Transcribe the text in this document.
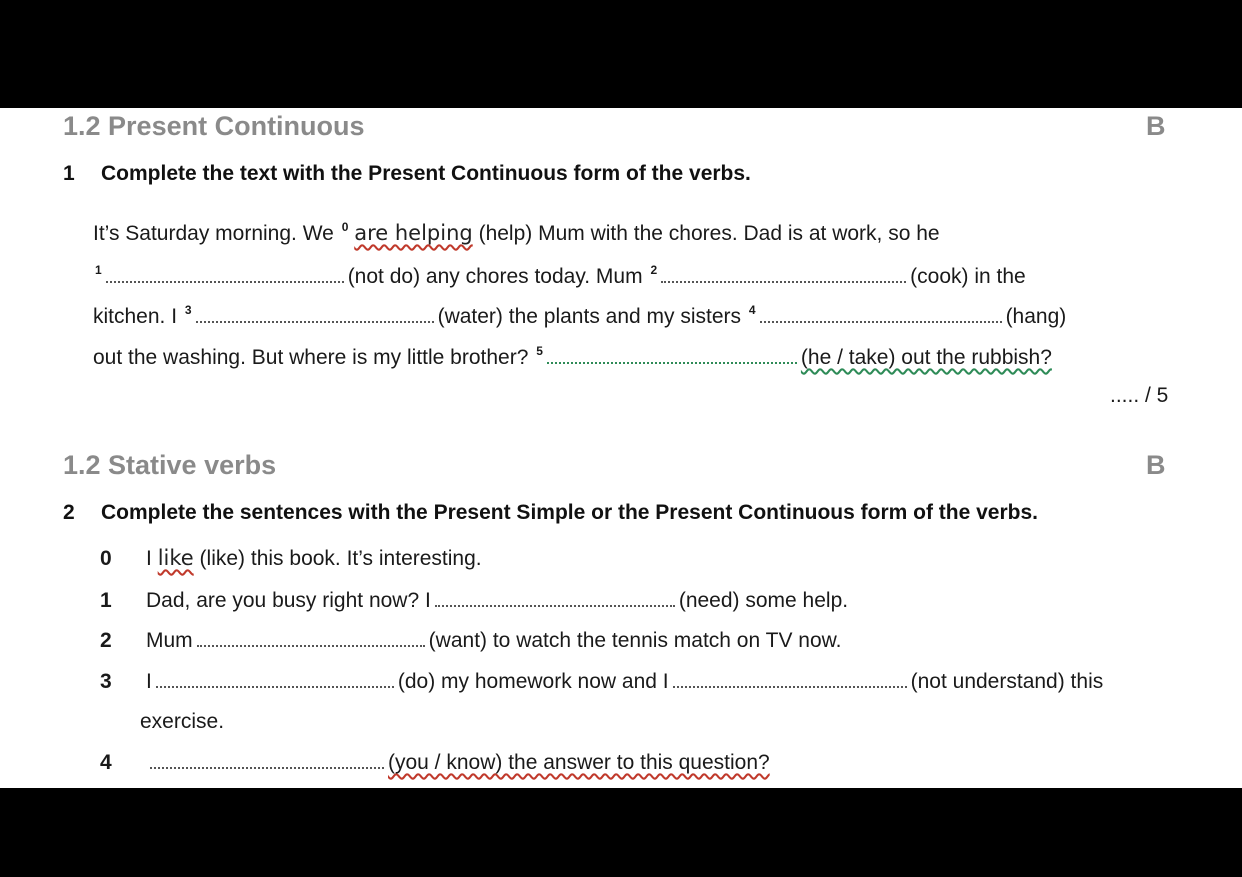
1.2 Present Continuous	B
1 Complete the text with the Present Continuous form of the verbs.
It’s Saturday morning. We $^0$ are helping (help) Mum with the chores. Dad is at work, so he
$^1$	(not do) any chores today. Mum $^2$	(cook) in the
kitchen. I $^3$	(water) the plants and my sisters $^4$	(hang)
out the washing. But where is my little brother? $^5$	(he / take) out the rubbish?
..... / 5
1.2 Stative verbs	B
2 Complete the sentences with the Present Simple or the Present Continuous form of the verbs.
0 I like (like) this book. It’s interesting.
1 Dad, are you busy right now? I	(need) some help.
2 Mum	(want) to watch the tennis match on TV now.
3 I	(do) my homework now and I	(not understand) this
exercise.
4	(you / know) the answer to this question?
